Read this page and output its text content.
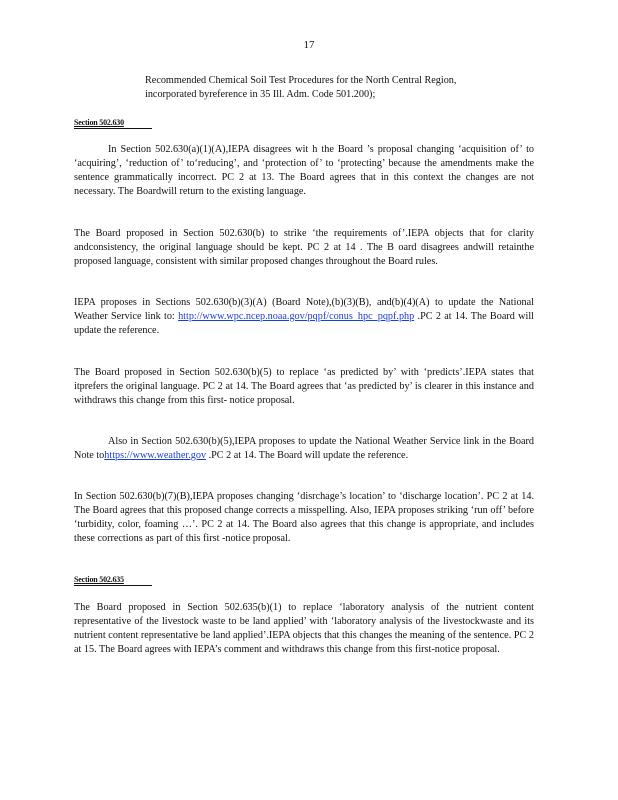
17
Recommended Chemical Soil Test Procedures for the North Central Region,
incorporated byreference in 35 Ill. Adm. Code 501.200);
Section 502.630

In Section 502.630(a)(1)(A),IEPA disagrees wit h the Board ’s proposal changing ‘acquisition of’ to ‘acquiring’, ‘reduction of’ to‘reducing’, and ‘protection of’ to ‘protecting’ because the amendments make the sentence grammatically incorrect. PC 2 at 13. The Board agrees that in this context the changes are not necessary. The Boardwill return to the existing language.

The Board proposed in Section 502.630(b) to strike ‘the requirements of’.IEPA objects that for clarity andconsistency, the original language should be kept. PC 2 at 14 . The B oard disagrees andwill retainthe proposed language, consistent with similar proposed changes throughout the Board rules.

IEPA proposes in Sections 502.630(b)(3)(A) (Board Note),(b)(3)(B), and(b)(4)(A) to update the National Weather Service link to: http://www.wpc.ncep.noaa.gov/pqpf/conus_hpc_pqpf.php .PC 2 at 14. The Board will update the reference.

The Board proposed in Section 502.630(b)(5) to replace ‘as predicted by’ with ‘predicts’.IEPA states that itprefers the original language. PC 2 at 14. The Board agrees that ‘as predicted by’ is clearer in this instance and withdraws this change from this first- notice proposal.

Also in Section 502.630(b)(5),IEPA proposes to update the National Weather Service link in the Board Note tohttps://www.weather.gov .PC 2 at 14. The Board will update the reference.

In Section 502.630(b)(7)(B),IEPA proposes changing ‘disrchage’s location’ to ‘discharge location’. PC 2 at 14. The Board agrees that this proposed change corrects a misspelling. Also, IEPA proposes striking ‘run off’ before ‘turbidity, color, foaming …’. PC 2 at 14. The Board also agrees that this change is appropriate, and includes these corrections as part of this first -notice proposal.

Section 502.635

The Board proposed in Section 502.635(b)(1) to replace ‘laboratory analysis of the nutrient content representative of the livestock waste to be land applied’ with ‘laboratory analysis of the livestockwaste and its nutrient content representative be land applied’.IEPA objects that this changes the meaning of the sentence. PC 2 at 15. The Board agrees with IEPA’s comment and withdraws this change from this first-notice proposal.
